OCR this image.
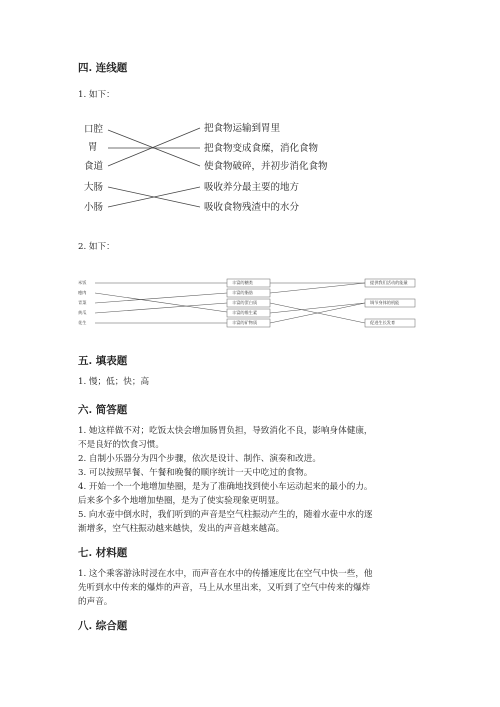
四. 连线题
1. 如下：
口腔
胃
食道
大肠
小肠
把食物运输到胃里
把食物变成食糜，消化食物
使食物破碎，并初步消化食物
吸收养分最主要的地方
吸收食物残渣中的水分
2. 如下：
米饭
瘦肉
青菜
黄瓜
花生
丰富的糖类
丰富的脂肪
丰富的蛋白质
丰富的维生素
丰富的矿物质
提供我们活动的能量
调节身体的机能
促进生长发育
五. 填表题
1. 慢；低；快；高
六. 简答题
1. 她这样做不对；吃饭太快会增加肠胃负担，导致消化不良，影响身体健康，
不是良好的饮食习惯。
2. 自制小乐器分为四个步骤，依次是设计、制作、演奏和改进。
3. 可以按照早餐、午餐和晚餐的顺序统计一天中吃过的食物。
4. 开始一个一个地增加垫圈，是为了准确地找到使小车运动起来的最小的力。
后来多个多个地增加垫圈，是为了使实验现象更明显。
5. 向水壶中倒水时，我们听到的声音是空气柱振动产生的，随着水壶中水的逐
渐增多，空气柱振动越来越快，发出的声音越来越高。
七. 材料题
1. 这个乘客游泳时浸在水中，而声音在水中的传播速度比在空气中快一些，他
先听到水中传来的爆炸的声音，马上从水里出来，又听到了空气中传来的爆炸
的声音。
八. 综合题
